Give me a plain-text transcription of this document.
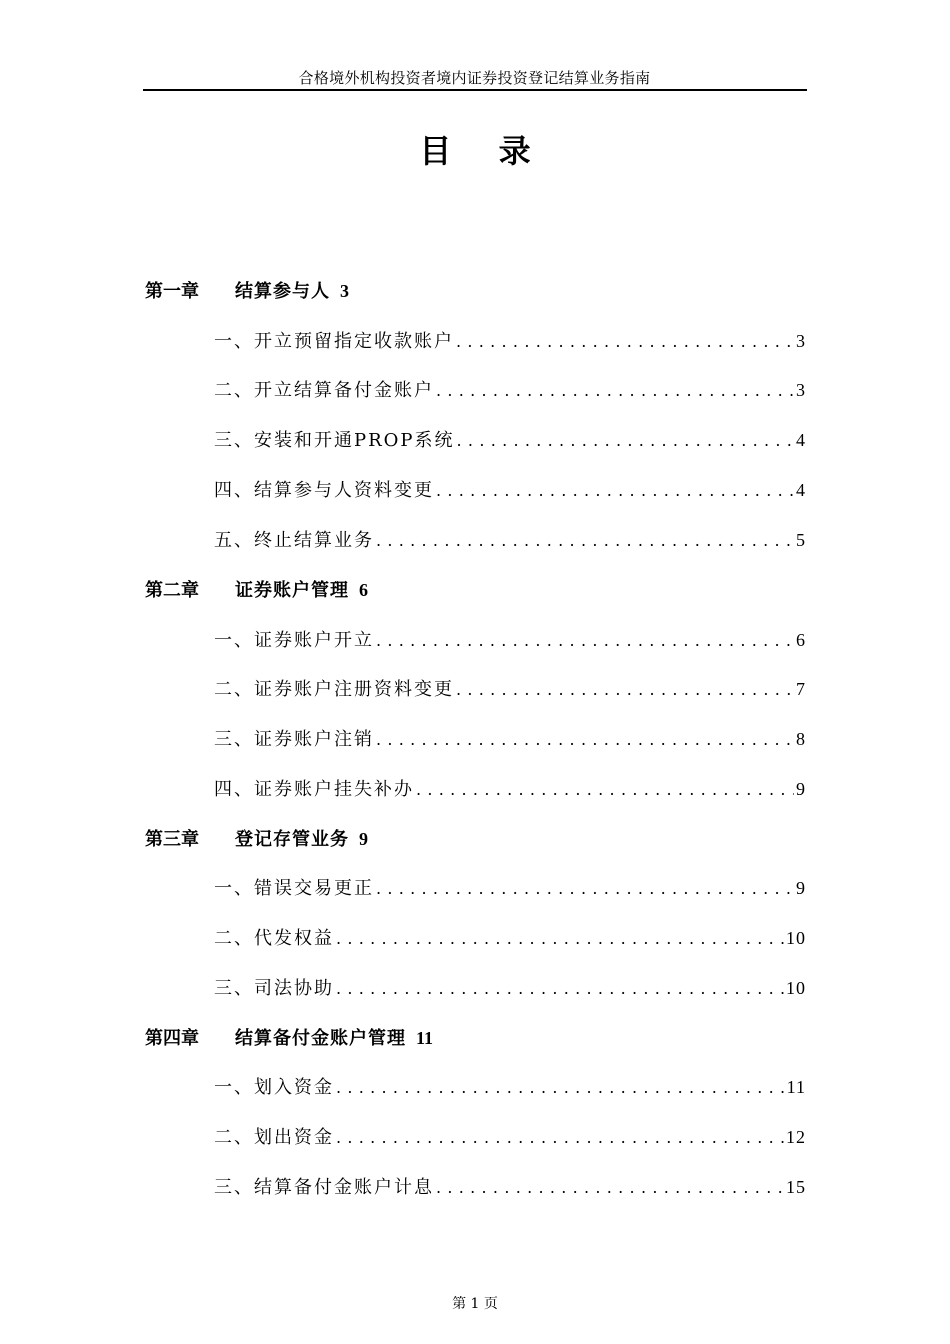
合格境外机构投资者境内证券投资登记结算业务指南
目 录
第一章 结算参与人 3
一、开立预留指定收款账户 .....	3
二、开立结算备付金账户 .....	3
三、安装和开通PROP系统 .....	4
四、结算参与人资料变更 .....	4
五、终止结算业务 .....	5
第二章 证券账户管理 6
一、证券账户开立 .....	6
二、证券账户注册资料变更 .....	7
三、证券账户注销 .....	8
四、证券账户挂失补办 .....	9
第三章 登记存管业务 9
一、错误交易更正 .....	9
二、代发权益 .....	10
三、司法协助 .....	10
第四章 结算备付金账户管理 11
一、划入资金 .....	11
二、划出资金 .....	12
三、结算备付金账户计息 .....	15
第 1 页
